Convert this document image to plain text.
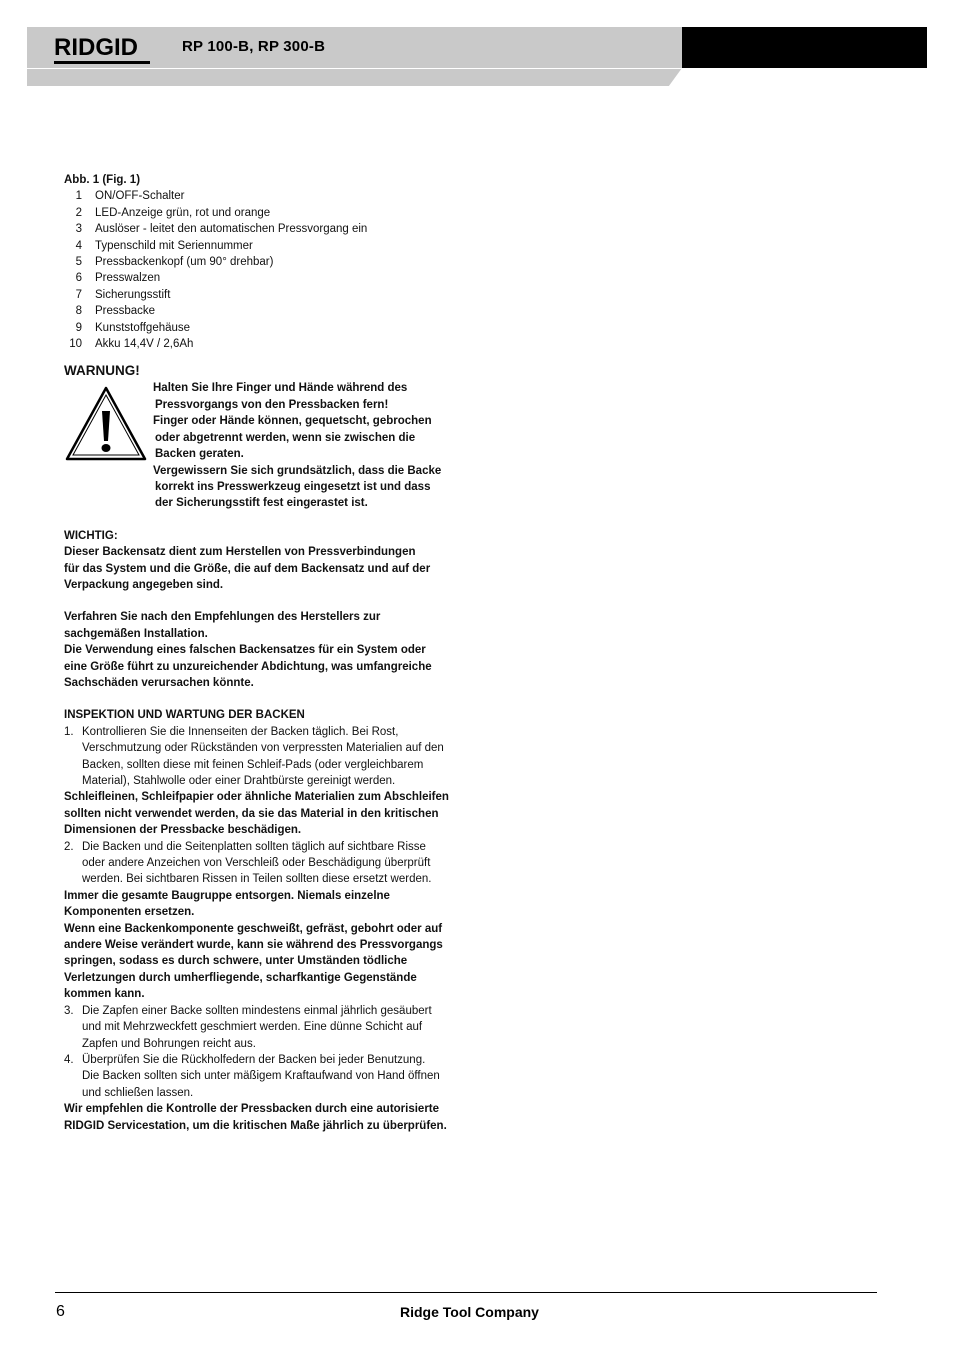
RIDGID	RP 100-B, RP 300-B
Abb. 1 (Fig. 1)
1 ON/OFF-Schalter
2 LED-Anzeige grün, rot und orange
3 Auslöser - leitet den automatischen Pressvorgang ein
4 Typenschild mit Seriennummer
5 Pressbackenkopf (um 90° drehbar)
6 Presswalzen
7 Sicherungsstift
8 Pressbacke
9 Kunststoffgehäuse
10 Akku 14,4V / 2,6Ah
WARNUNG!

Halten Sie Ihre Finger und Hände während des

Pressvorgangs von den Pressbacken fern!

Finger oder Hände können, gequetscht, gebrochen

oder abgetrennt werden, wenn sie zwischen die

Backen geraten.

Vergewissern Sie sich grundsätzlich, dass die Backe

korrekt ins Presswerkzeug eingesetzt ist und dass

der Sicherungsstift fest eingerastet ist.

WICHTIG:

Dieser Backensatz dient zum Herstellen von Pressverbindungen

für das System und die Größe, die auf dem Backensatz und auf der

Verpackung angegeben sind.

Verfahren Sie nach den Empfehlungen des Herstellers zur

sachgemäßen Installation.

Die Verwendung eines falschen Backensatzes für ein System oder

eine Größe führt zu unzureichender Abdichtung, was umfangreiche

Sachschäden verursachen könnte.

INSPEKTION UND WARTUNG DER BACKEN
1. Kontrollieren Sie die Innenseiten der Backen täglich. Bei Rost,

Verschmutzung oder Rückständen von verpressten Materialien auf den

Backen, sollten diese mit feinen Schleif-Pads (oder vergleichbarem

Material), Stahlwolle oder einer Drahtbürste gereinigt werden.

Schleifleinen, Schleifpapier oder ähnliche Materialien zum Abschleifen

sollten nicht verwendet werden, da sie das Material in den kritischen

Dimensionen der Pressbacke beschädigen.

2. Die Backen und die Seitenplatten sollten täglich auf sichtbare Risse

oder andere Anzeichen von Verschleiß oder Beschädigung überprüft

werden. Bei sichtbaren Rissen in Teilen sollten diese ersetzt werden.

Immer die gesamte Baugruppe entsorgen. Niemals einzelne

Komponenten ersetzen.

Wenn eine Backenkomponente geschweißt, gefräst, gebohrt oder auf

andere Weise verändert wurde, kann sie während des Pressvorgangs

springen, sodass es durch schwere, unter Umständen tödliche

Verletzungen durch umherfliegende, scharfkantige Gegenstände

kommen kann.

3. Die Zapfen einer Backe sollten mindestens einmal jährlich gesäubert

und mit Mehrzweckfett geschmiert werden. Eine dünne Schicht auf

Zapfen und Bohrungen reicht aus.

4. Überprüfen Sie die Rückholfedern der Backen bei jeder Benutzung.

Die Backen sollten sich unter mäßigem Kraftaufwand von Hand öffnen

und schließen lassen.

Wir empfehlen die Kontrolle der Pressbacken durch eine autorisierte

RIDGID Servicestation, um die kritischen Maße jährlich zu überprüfen.

6	Ridge Tool Company
